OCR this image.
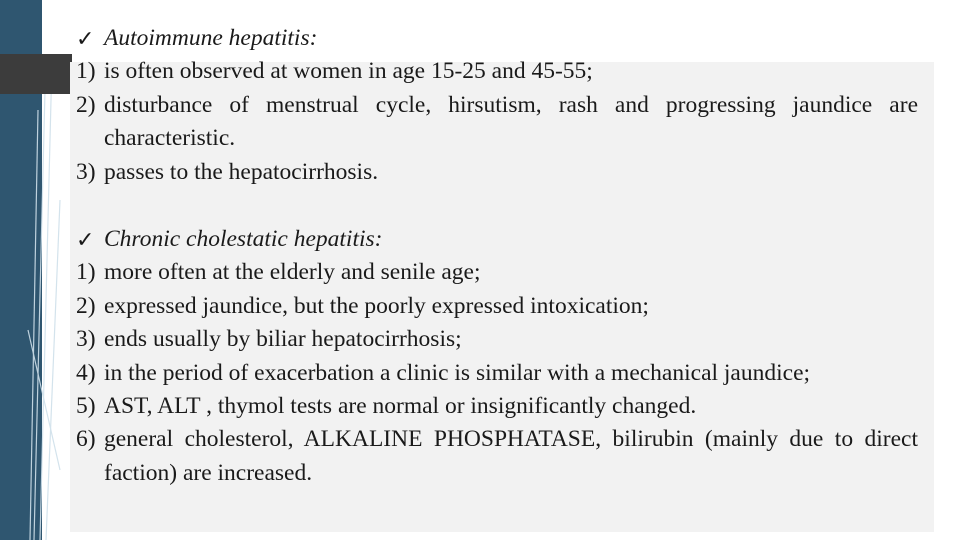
✓ Autoimmune hepatitis:
1) is often observed at women in age 15-25 and 45-55;
2) disturbance of menstrual cycle, hirsutism, rash and progressing jaundice are characteristic.
3) passes to the hepatocirrhosis.
✓ Chronic cholestatic hepatitis:
1) more often at the elderly and senile age;
2) expressed jaundice, but the poorly expressed intoxication;
3) ends usually by biliar hepatocirrhosis;
4) in the period of exacerbation a clinic is similar with a mechanical jaundice;
5) AST, ALT , thymol tests are normal or insignificantly changed.
6) general cholesterol, ALKALINE PHOSPHATASE, bilirubin (mainly due to direct faction) are increased.
